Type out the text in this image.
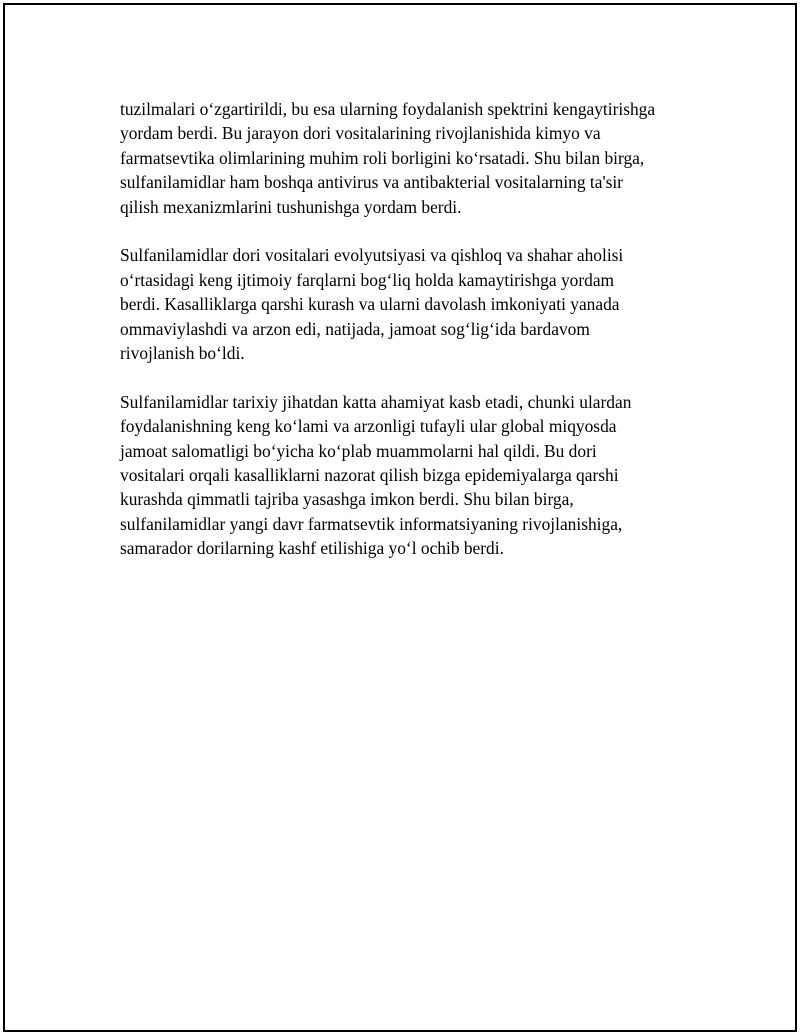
tuzilmalari o‘zgartirildi, bu esa ularning foydalanish spektrini kengaytirishga
yordam berdi. Bu jarayon dori vositalarining rivojlanishida kimyo va
farmatsevtika olimlarining muhim roli borligini ko‘rsatadi. Shu bilan birga,
sulfanilamidlar ham boshqa antivirus va antibakterial vositalarning ta'sir
qilish mexanizmlarini tushunishga yordam berdi.

Sulfanilamidlar dori vositalari evolyutsiyasi va qishloq va shahar aholisi
o‘rtasidagi keng ijtimoiy farqlarni bog‘liq holda kamaytirishga yordam
berdi. Kasalliklarga qarshi kurash va ularni davolash imkoniyati yanada
ommaviylashdi va arzon edi, natijada, jamoat sog‘lig‘ida bardavom
rivojlanish bo‘ldi.

Sulfanilamidlar tarixiy jihatdan katta ahamiyat kasb etadi, chunki ulardan
foydalanishning keng ko‘lami va arzonligi tufayli ular global miqyosda
jamoat salomatligi bo‘yicha ko‘plab muammolarni hal qildi. Bu dori
vositalari orqali kasalliklarni nazorat qilish bizga epidemiyalarga qarshi
kurashda qimmatli tajriba yasashga imkon berdi. Shu bilan birga,
sulfanilamidlar yangi davr farmatsevtik informatsiyaning rivojlanishiga,
samarador dorilarning kashf etilishiga yo‘l ochib berdi.
